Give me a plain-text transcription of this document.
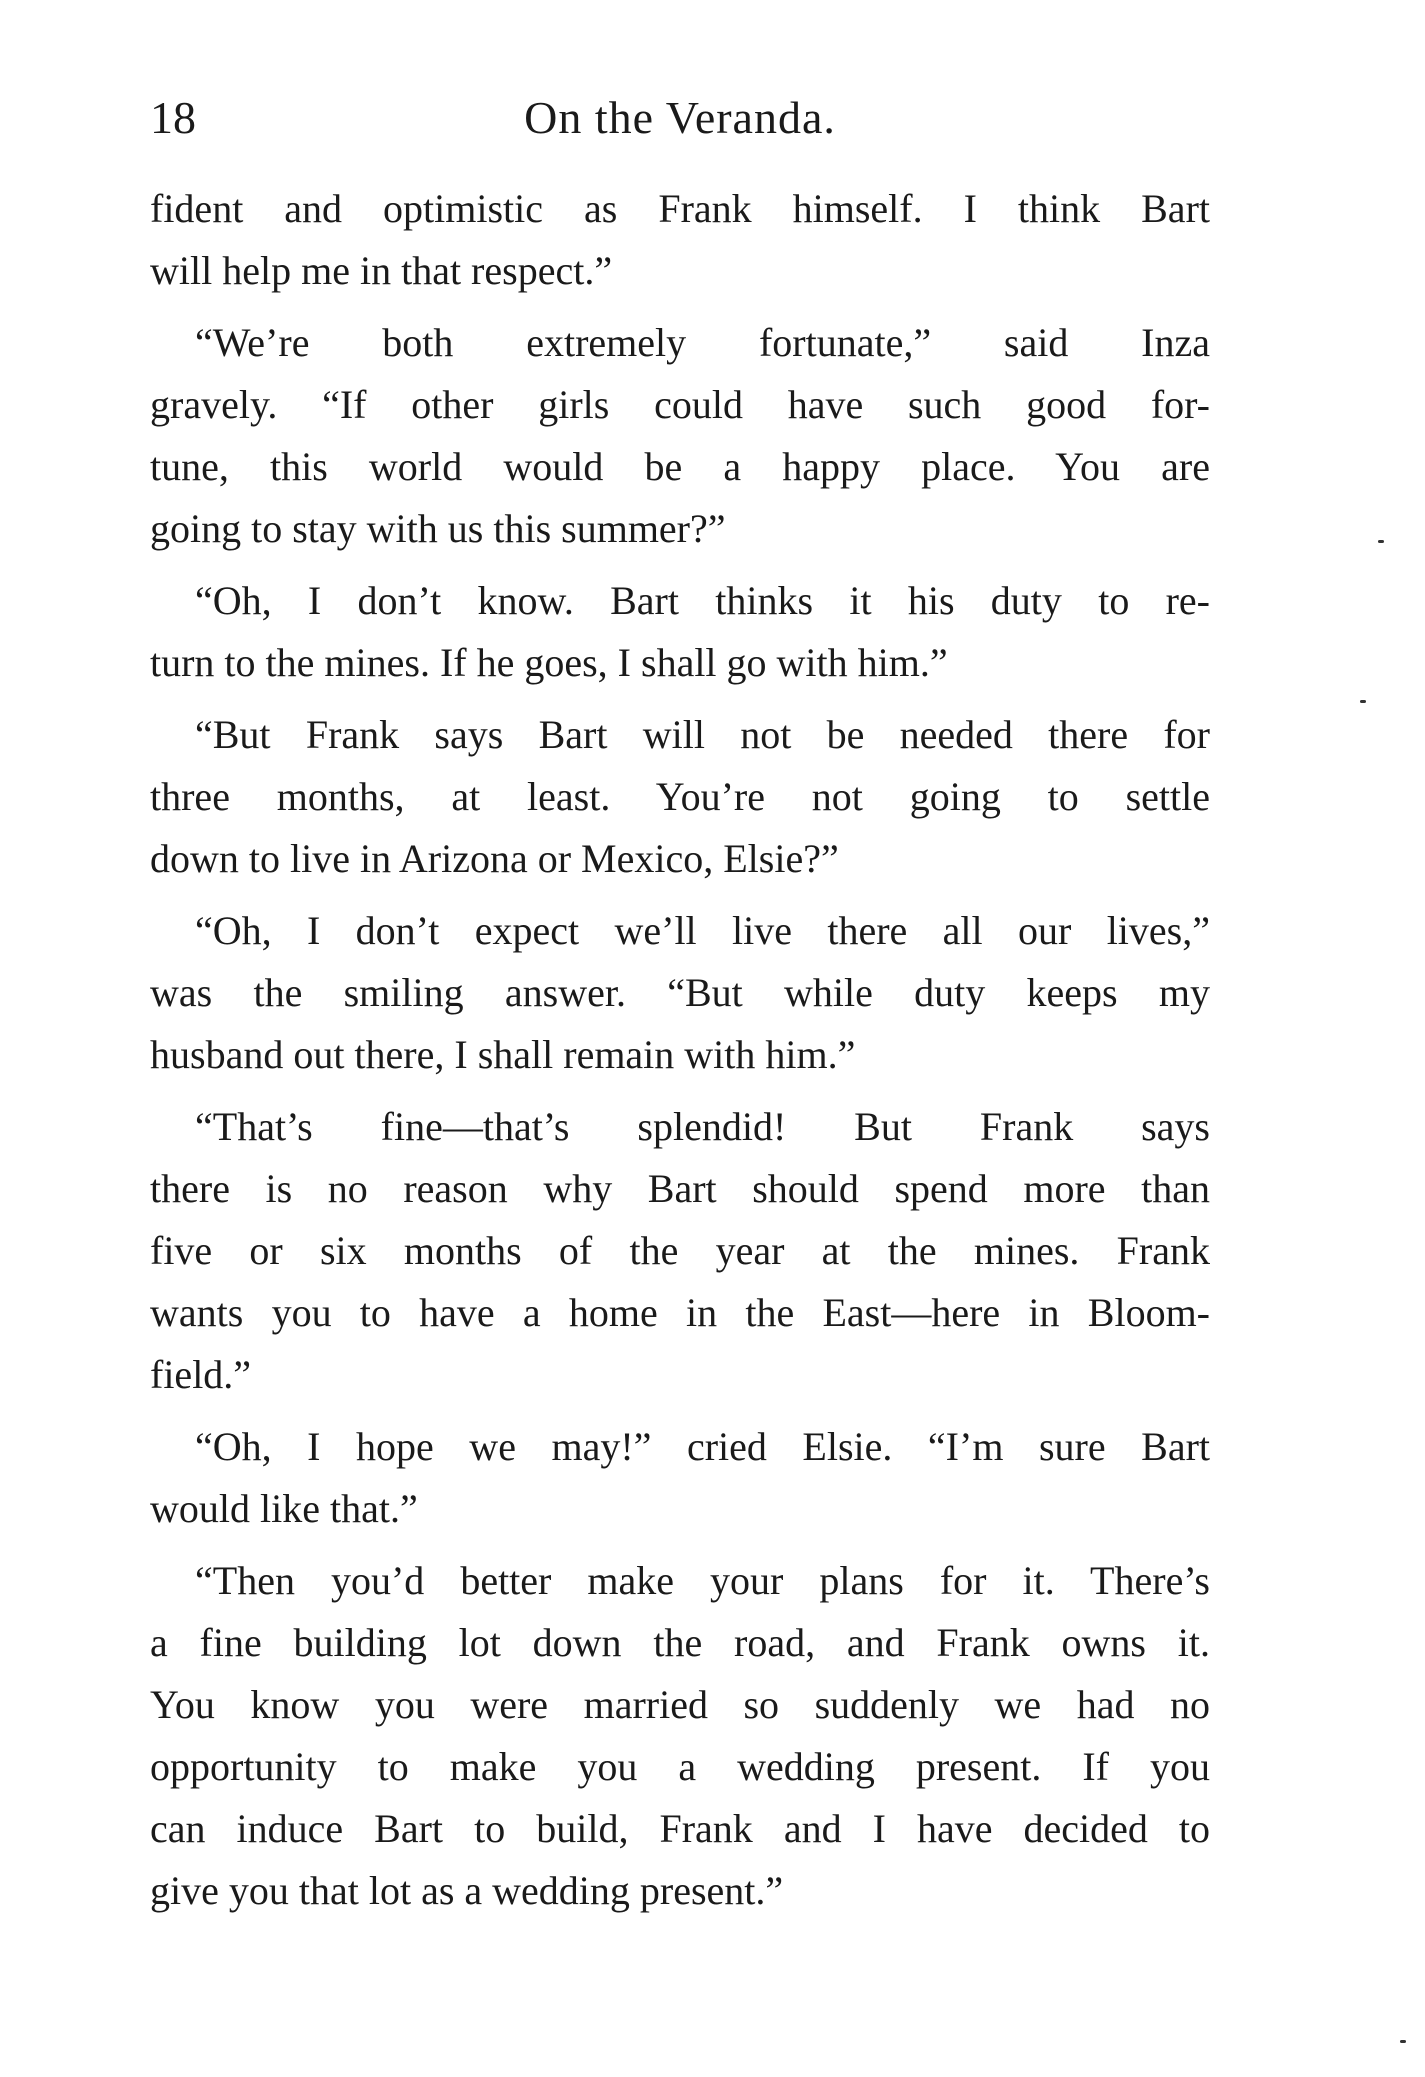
18	On the Veranda.

fident and optimistic as Frank himself. I think Bart
will help me in that respect.”

“We’re both extremely fortunate,” said Inza
gravely. “If other girls could have such good for-
tune, this world would be a happy place. You are
going to stay with us this summer?”

“Oh, I don’t know. Bart thinks it his duty to re-
turn to the mines. If he goes, I shall go with him.”

“But Frank says Bart will not be needed there for
three months, at least. You’re not going to settle
down to live in Arizona or Mexico, Elsie?”

“Oh, I don’t expect we’ll live there all our lives,”
was the smiling answer. “But while duty keeps my
husband out there, I shall remain with him.”

“That’s fine—that’s splendid! But Frank says
there is no reason why Bart should spend more than
five or six months of the year at the mines. Frank
wants you to have a home in the East—here in Bloom-
field.”

“Oh, I hope we may!” cried Elsie. “I’m sure Bart
would like that.”

“Then you’d better make your plans for it. There’s
a fine building lot down the road, and Frank owns it.
You know you were married so suddenly we had no
opportunity to make you a wedding present. If you
can induce Bart to build, Frank and I have decided to
give you that lot as a wedding present.”
